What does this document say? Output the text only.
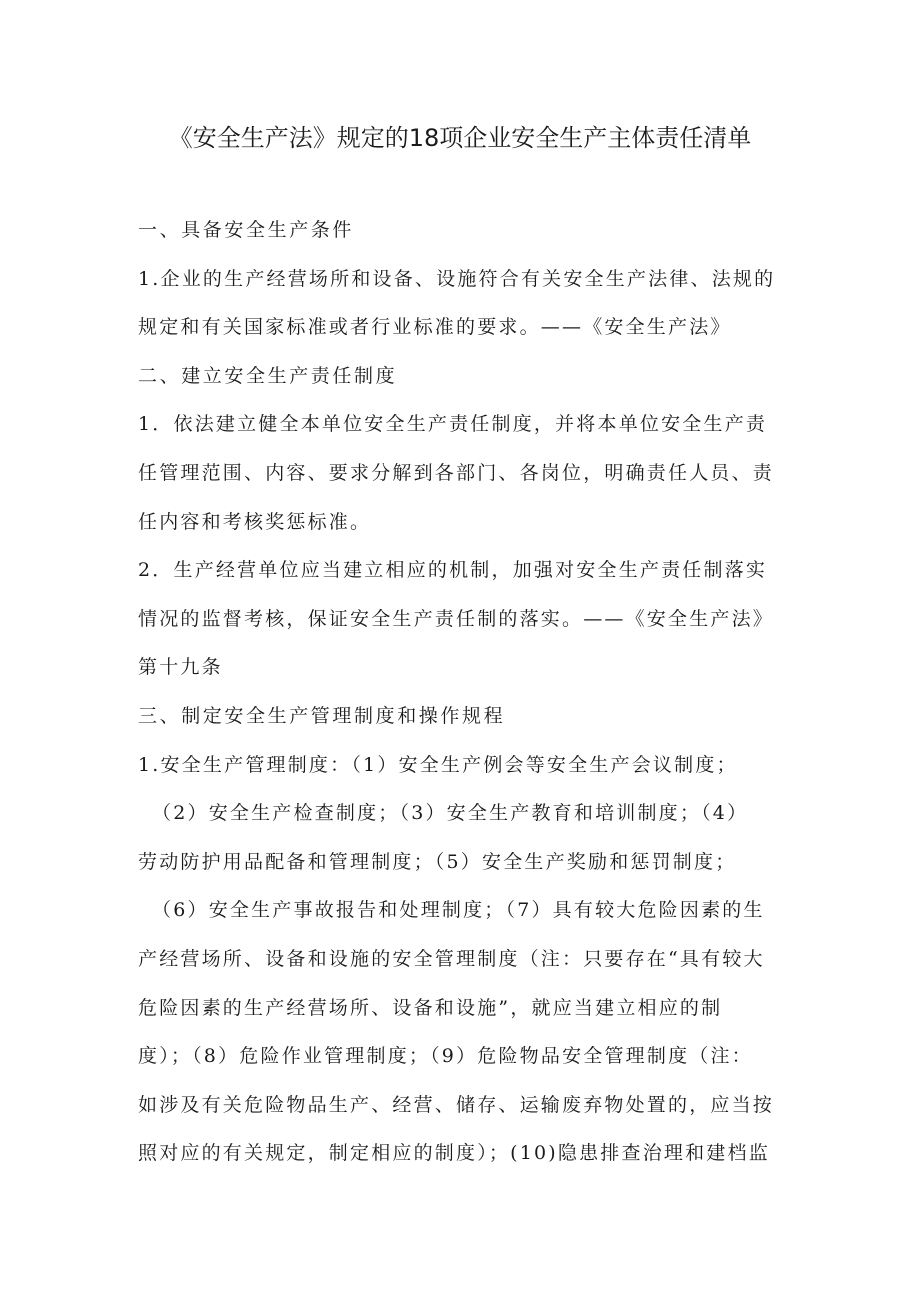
《安全生产法》规定的18项企业安全生产主体责任清单
一、具备安全生产条件
1.企业的生产经营场所和设备、设施符合有关安全生产法律、法规的
规定和有关国家标准或者行业标准的要求。——《安全生产法》
二、建立安全生产责任制度
1．依法建立健全本单位安全生产责任制度，并将本单位安全生产责
任管理范围、内容、要求分解到各部门、各岗位，明确责任人员、责
任内容和考核奖惩标准。
2．生产经营单位应当建立相应的机制，加强对安全生产责任制落实
情况的监督考核，保证安全生产责任制的落实。——《安全生产法》
第十九条
三、制定安全生产管理制度和操作规程
1.安全生产管理制度：（1）安全生产例会等安全生产会议制度；
（2）安全生产检查制度；（3）安全生产教育和培训制度；（4）
劳动防护用品配备和管理制度；（5）安全生产奖励和惩罚制度；
（6）安全生产事故报告和处理制度；（7）具有较大危险因素的生
产经营场所、设备和设施的安全管理制度（注：只要存在“具有较大
危险因素的生产经营场所、设备和设施”，就应当建立相应的制
度）；（8）危险作业管理制度；（9）危险物品安全管理制度（注：
如涉及有关危险物品生产、经营、储存、运输废弃物处置的，应当按
照对应的有关规定，制定相应的制度）；(10)隐患排查治理和建档监
